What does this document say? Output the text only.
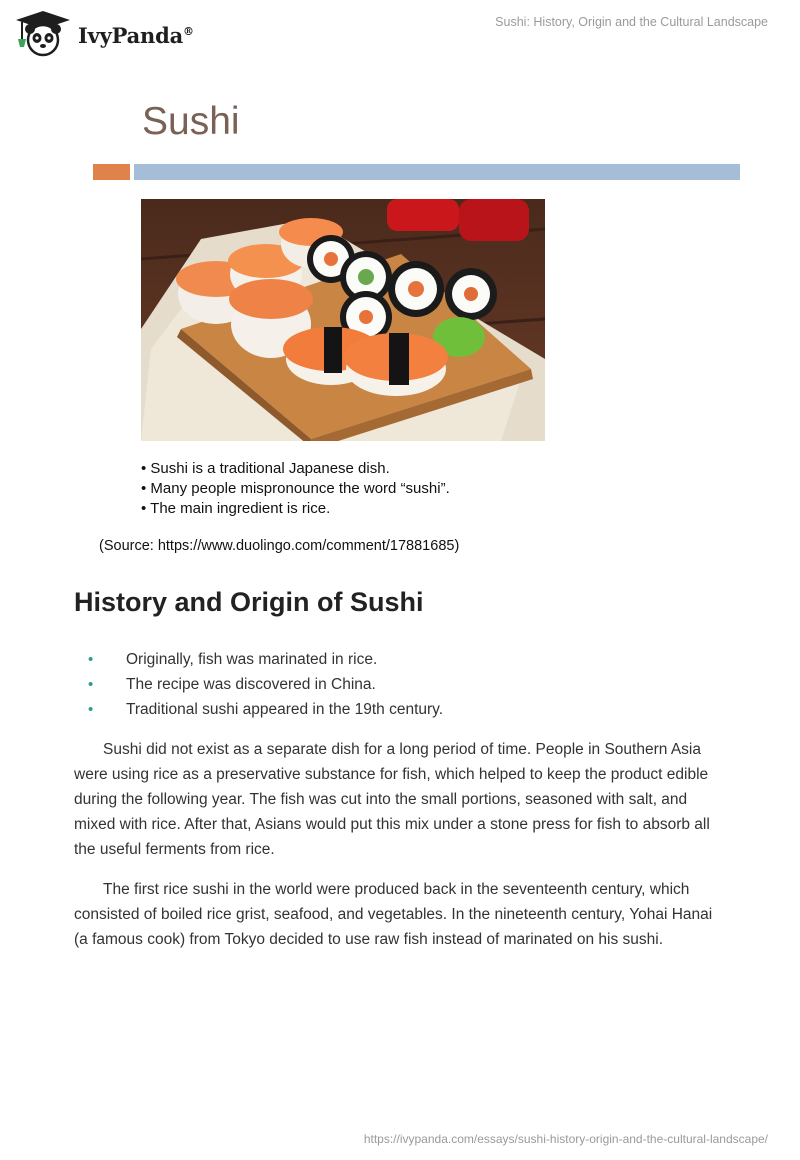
IvyPanda®
Sushi: History, Origin and the Cultural Landscape
Sushi
• Sushi is a traditional Japanese dish.
• Many people mispronounce the word “sushi”.
• The main ingredient is rice.
(Source: https://www.duolingo.com/comment/17881685)
History and Origin of Sushi
•	Originally, fish was marinated in rice.
•	The recipe was discovered in China.
•	Traditional sushi appeared in the 19th century.

Sushi did not exist as a separate dish for a long period of time. People in Southern Asia were using rice as a preservative substance for fish, which helped to keep the product edible during the following year. The fish was cut into the small portions, seasoned with salt, and mixed with rice. After that, Asians would put this mix under a stone press for fish to absorb all the useful ferments from rice.

The first rice sushi in the world were produced back in the seventeenth century, which consisted of boiled rice grist, seafood, and vegetables. In the nineteenth century, Yohai Hanai (a famous cook) from Tokyo decided to use raw fish instead of marinated on his sushi.

https://ivypanda.com/essays/sushi-history-origin-and-the-cultural-landscape/
